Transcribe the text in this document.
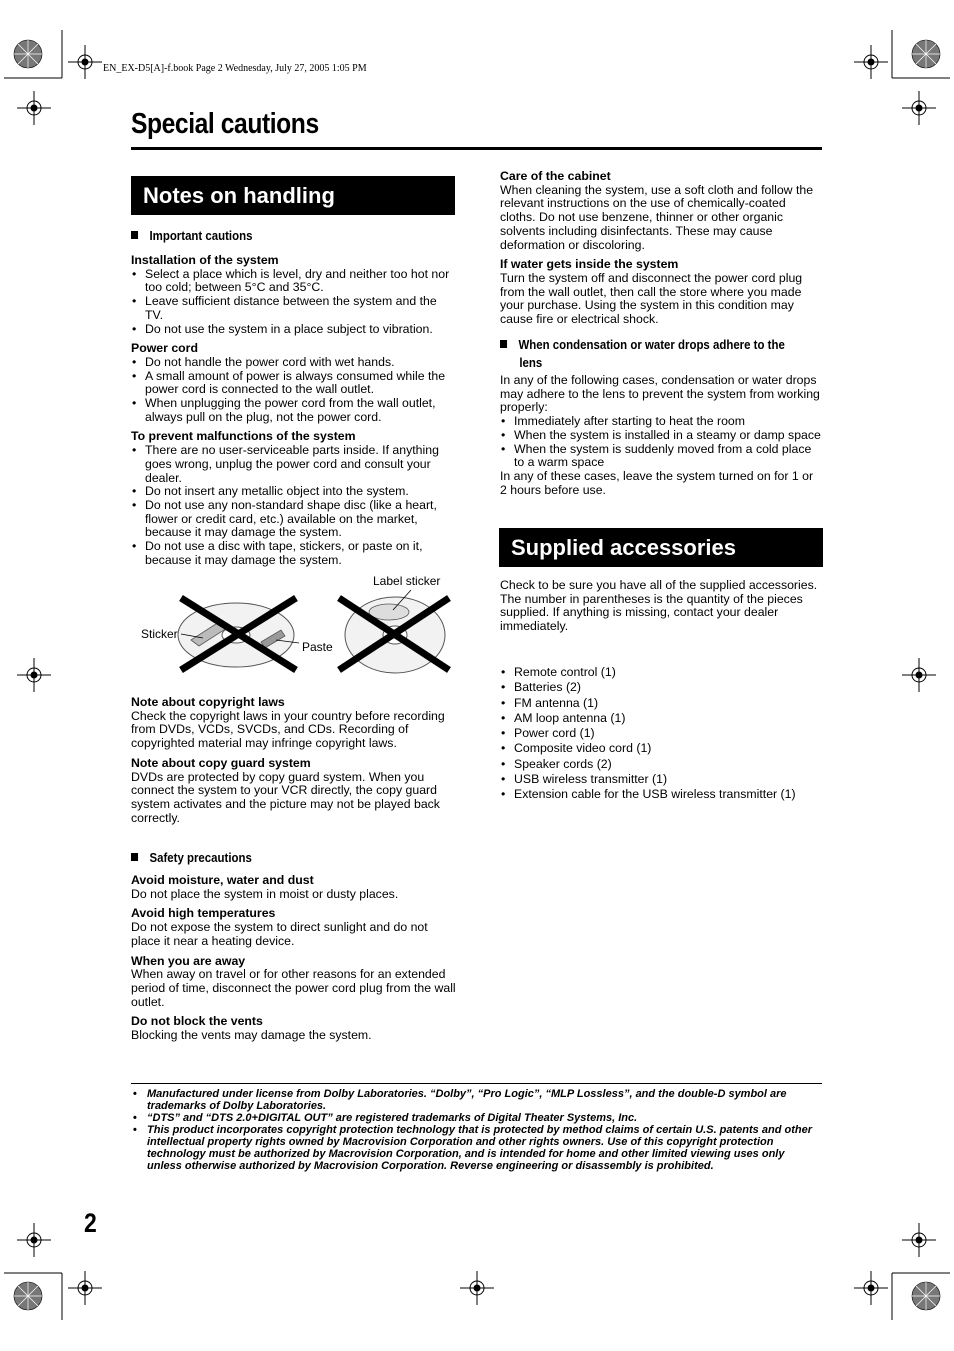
EN_EX-D5[A]-f.book Page 2 Wednesday, July 27, 2005 1:05 PM
Special cautions
Notes on handling
Important cautions

Installation of the system

• Select a place which is level, dry and neither too hot nor too cold; between 5°C and 35°C.
• Leave sufficient distance between the system and the TV.
• Do not use the system in a place subject to vibration.

Power cord

• Do not handle the power cord with wet hands.
• A small amount of power is always consumed while the power cord is connected to the wall outlet.
• When unplugging the power cord from the wall outlet, always pull on the plug, not the power cord.

To prevent malfunctions of the system

• There are no user-serviceable parts inside. If anything goes wrong, unplug the power cord and consult your dealer.
• Do not insert any metallic object into the system.
• Do not use any non-standard shape disc (like a heart, flower or credit card, etc.) available on the market, because it may damage the system.
• Do not use a disc with tape, stickers, or paste on it, because it may damage the system.
Label sticker
Sticker
Paste

Note about copyright laws

Check the copyright laws in your country before recording from DVDs, VCDs, SVCDs, and CDs. Recording of copyrighted material may infringe copyright laws.

Note about copy guard system

DVDs are protected by copy guard system. When you connect the system to your VCR directly, the copy guard system activates and the picture may not be played back correctly.

Safety precautions

Avoid moisture, water and dust

Do not place the system in moist or dusty places.

Avoid high temperatures

Do not expose the system to direct sunlight and do not place it near a heating device.

When you are away

When away on travel or for other reasons for an extended period of time, disconnect the power cord plug from the wall outlet.

Do not block the vents

Blocking the vents may damage the system.

Care of the cabinet

When cleaning the system, use a soft cloth and follow the relevant instructions on the use of chemically-coated cloths. Do not use benzene, thinner or other organic solvents including disinfectants. These may cause deformation or discoloring.

If water gets inside the system

Turn the system off and disconnect the power cord plug from the wall outlet, then call the store where you made your purchase. Using the system in this condition may cause fire or electrical shock.

When condensation or water drops adhere to the
lens

In any of the following cases, condensation or water drops may adhere to the lens to prevent the system from working properly:

• Immediately after starting to heat the room
• When the system is installed in a steamy or damp space
• When the system is suddenly moved from a cold place to a warm space

In any of these cases, leave the system turned on for 1 or 2 hours before use.

Supplied accessories

Check to be sure you have all of the supplied accessories.

The number in parentheses is the quantity of the pieces supplied. If anything is missing, contact your dealer immediately.

• Remote control (1)
• Batteries (2)
• FM antenna (1)
• AM loop antenna (1)
• Power cord (1)
• Composite video cord (1)
• Speaker cords (2)
• USB wireless transmitter (1)
• Extension cable for the USB wireless transmitter (1)
• Manufactured under license from Dolby Laboratories. “Dolby”, “Pro Logic”, “MLP Lossless”, and the double-D symbol are trademarks of Dolby Laboratories.
• “DTS” and “DTS 2.0+DIGITAL OUT” are registered trademarks of Digital Theater Systems, Inc.
• This product incorporates copyright protection technology that is protected by method claims of certain U.S. patents and other intellectual property rights owned by Macrovision Corporation and other rights owners. Use of this copyright protection technology must be authorized by Macrovision Corporation, and is intended for home and other limited viewing uses only unless otherwise authorized by Macrovision Corporation. Reverse engineering or disassembly is prohibited.
2
